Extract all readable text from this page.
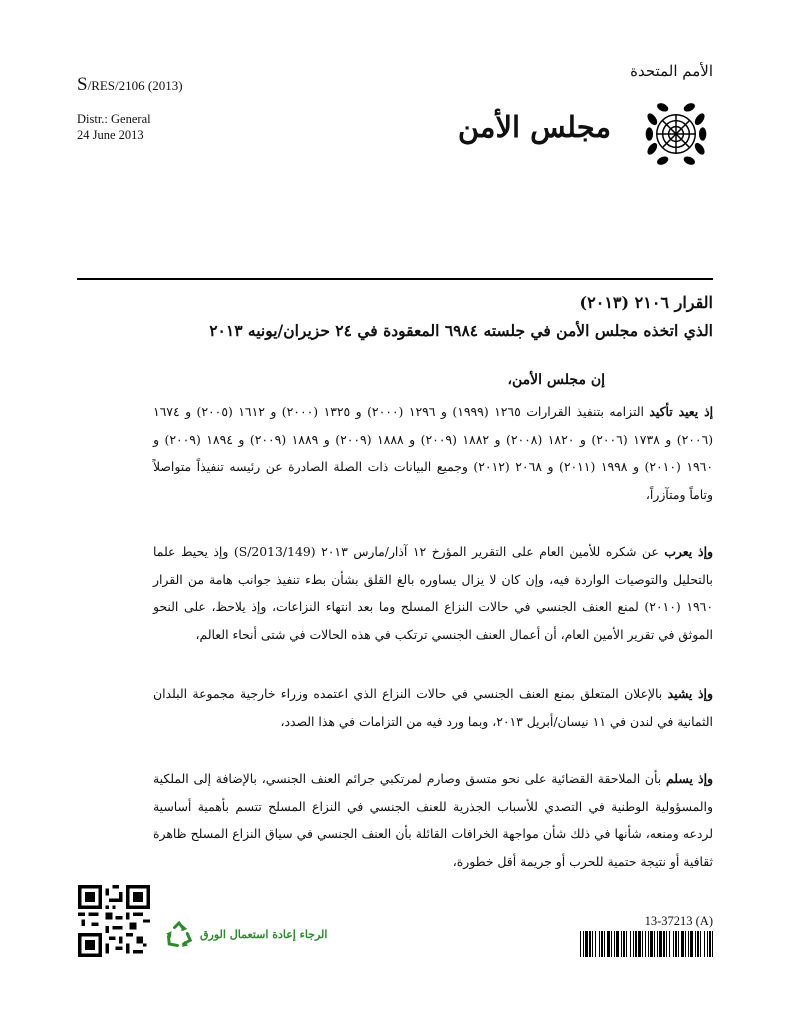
S/RES/2106 (2013)
الأمم المتحدة
Distr.: General
24 June 2013	مجلس الأمن
القرار ٢١٠٦ (٢٠١٣)
الذي اتخذه مجلس الأمن في جلسته ٦٩٨٤ المعقودة في ٢٤ حزيران/يونيه ٢٠١٣
إن مجلس الأمن،
إذ يعيد تأكيد التزامه بتنفيذ القرارات ١٢٦٥ (١٩٩٩) و ١٢٩٦ (٢٠٠٠) و ١٣٢٥ (٢٠٠٠) و ١٦١٢ (٢٠٠٥) و ١٦٧٤ (٢٠٠٦) و ١٧٣٨ (٢٠٠٦) و ١٨٢٠ (٢٠٠٨) و ١٨٨٢ (٢٠٠٩) و ١٨٨٨ (٢٠٠٩) و ١٨٨٩ (٢٠٠٩) و ١٨٩٤ (٢٠٠٩) و ١٩٦٠ (٢٠١٠) و ١٩٩٨ (٢٠١١) و ٢٠٦٨ (٢٠١٢) وجميع البيانات ذات الصلة الصادرة عن رئيسه تنفيذاً متواصلاً وتاماً ومتآزراً،
وإذ يعرب عن شكره للأمين العام على التقرير المؤرخ ١٢ آذار/مارس ٢٠١٣ (S/2013/149) وإذ يحيط علما بالتحليل والتوصيات الواردة فيه، وإن كان لا يزال يساوره بالغ القلق بشأن بطء تنفيذ جوانب هامة من القرار ١٩٦٠ (٢٠١٠) لمنع العنف الجنسي في حالات النزاع المسلح وما بعد انتهاء النزاعات، وإذ يلاحظ، على النحو الموثق في تقرير الأمين العام، أن أعمال العنف الجنسي ترتكب في هذه الحالات في شتى أنحاء العالم،
وإذ يشيد بالإعلان المتعلق بمنع العنف الجنسي في حالات النزاع الذي اعتمده وزراء خارجية مجموعة البلدان الثمانية في لندن في ١١ نيسان/أبريل ٢٠١٣، وبما ورد فيه من التزامات في هذا الصدد،
وإذ يسلم بأن الملاحقة القضائية على نحو متسق وصارم لمرتكبي جرائم العنف الجنسي، بالإضافة إلى الملكية والمسؤولية الوطنية في التصدي للأسباب الجذرية للعنف الجنسي في النزاع المسلح تتسم بأهمية أساسية لردعه ومنعه، شأنها في ذلك شأن مواجهة الخرافات القائلة بأن العنف الجنسي في سياق النزاع المسلح ظاهرة ثقافية أو نتيجة حتمية للحرب أو جريمة أقل خطورة،
الرجاء إعادة استعمال الورق
13-37213 (A)
